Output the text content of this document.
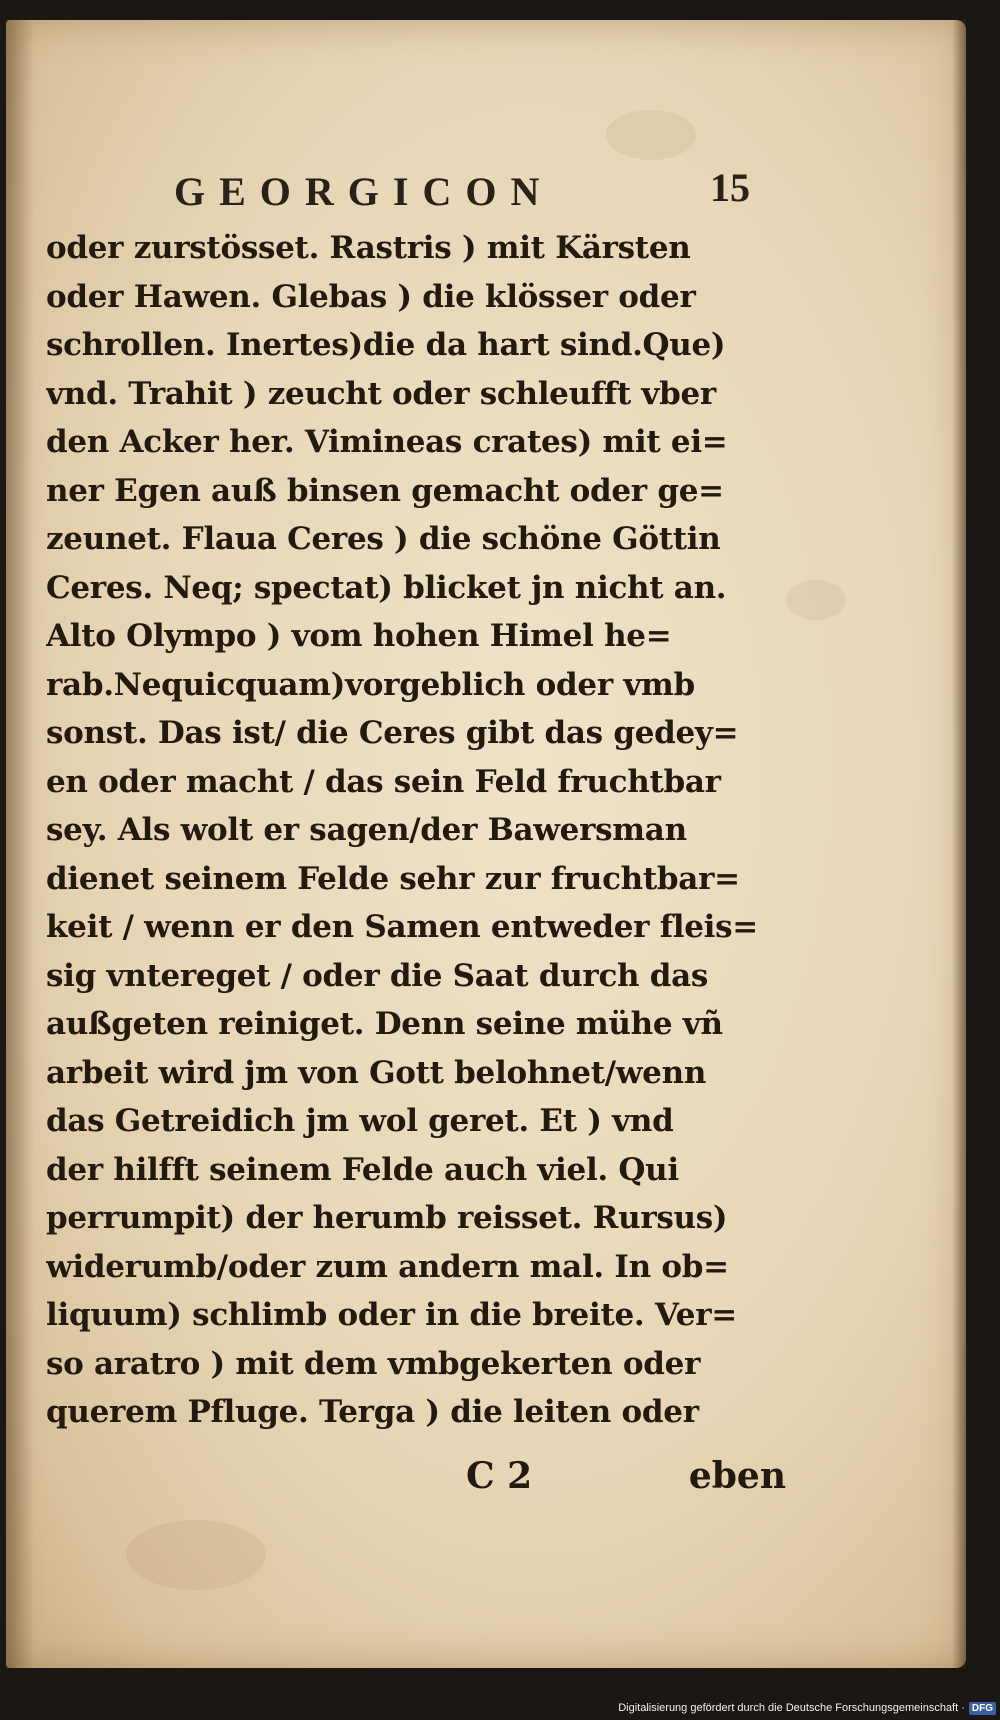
GEORGICON	15
oder zurstösset. Rastris ) mit Kärsten
oder Hawen. Glebas ) die klösser oder
schrollen. Inertes)die da hart sind.Que)
vnd. Trahit ) zeucht oder schleufft vber
den Acker her. Vimineas crates) mit ei=
ner Egen auß binsen gemacht oder ge=
zeunet. Flaua Ceres ) die schöne Göttin
Ceres. Neq; spectat) blicket jn nicht an.
Alto Olympo ) vom hohen Himel he=
rab.Nequicquam)vorgeblich oder vmb
sonst. Das ist/ die Ceres gibt das gedey=
en oder macht / das sein Feld fruchtbar
sey. Als wolt er sagen/der Bawersman
dienet seinem Felde sehr zur fruchtbar=
keit / wenn er den Samen entweder fleis=
sig vntereget / oder die Saat durch das
außgeten reiniget. Denn seine mühe vñ
arbeit wird jm von Gott belohnet/wenn
das Getreidich jm wol geret. Et ) vnd
der hilfft seinem Felde auch viel. Qui
perrumpit) der herumb reisset. Rursus)
widerumb/oder zum andern mal. In ob=
liquum) schlimb oder in die breite. Ver=
so aratro ) mit dem vmbgekerten oder
querem Pfluge. Terga ) die leiten oder
C 2	eben
Digitalisierung gefördert durch die Deutsche Forschungsgemeinschaft · DFG
